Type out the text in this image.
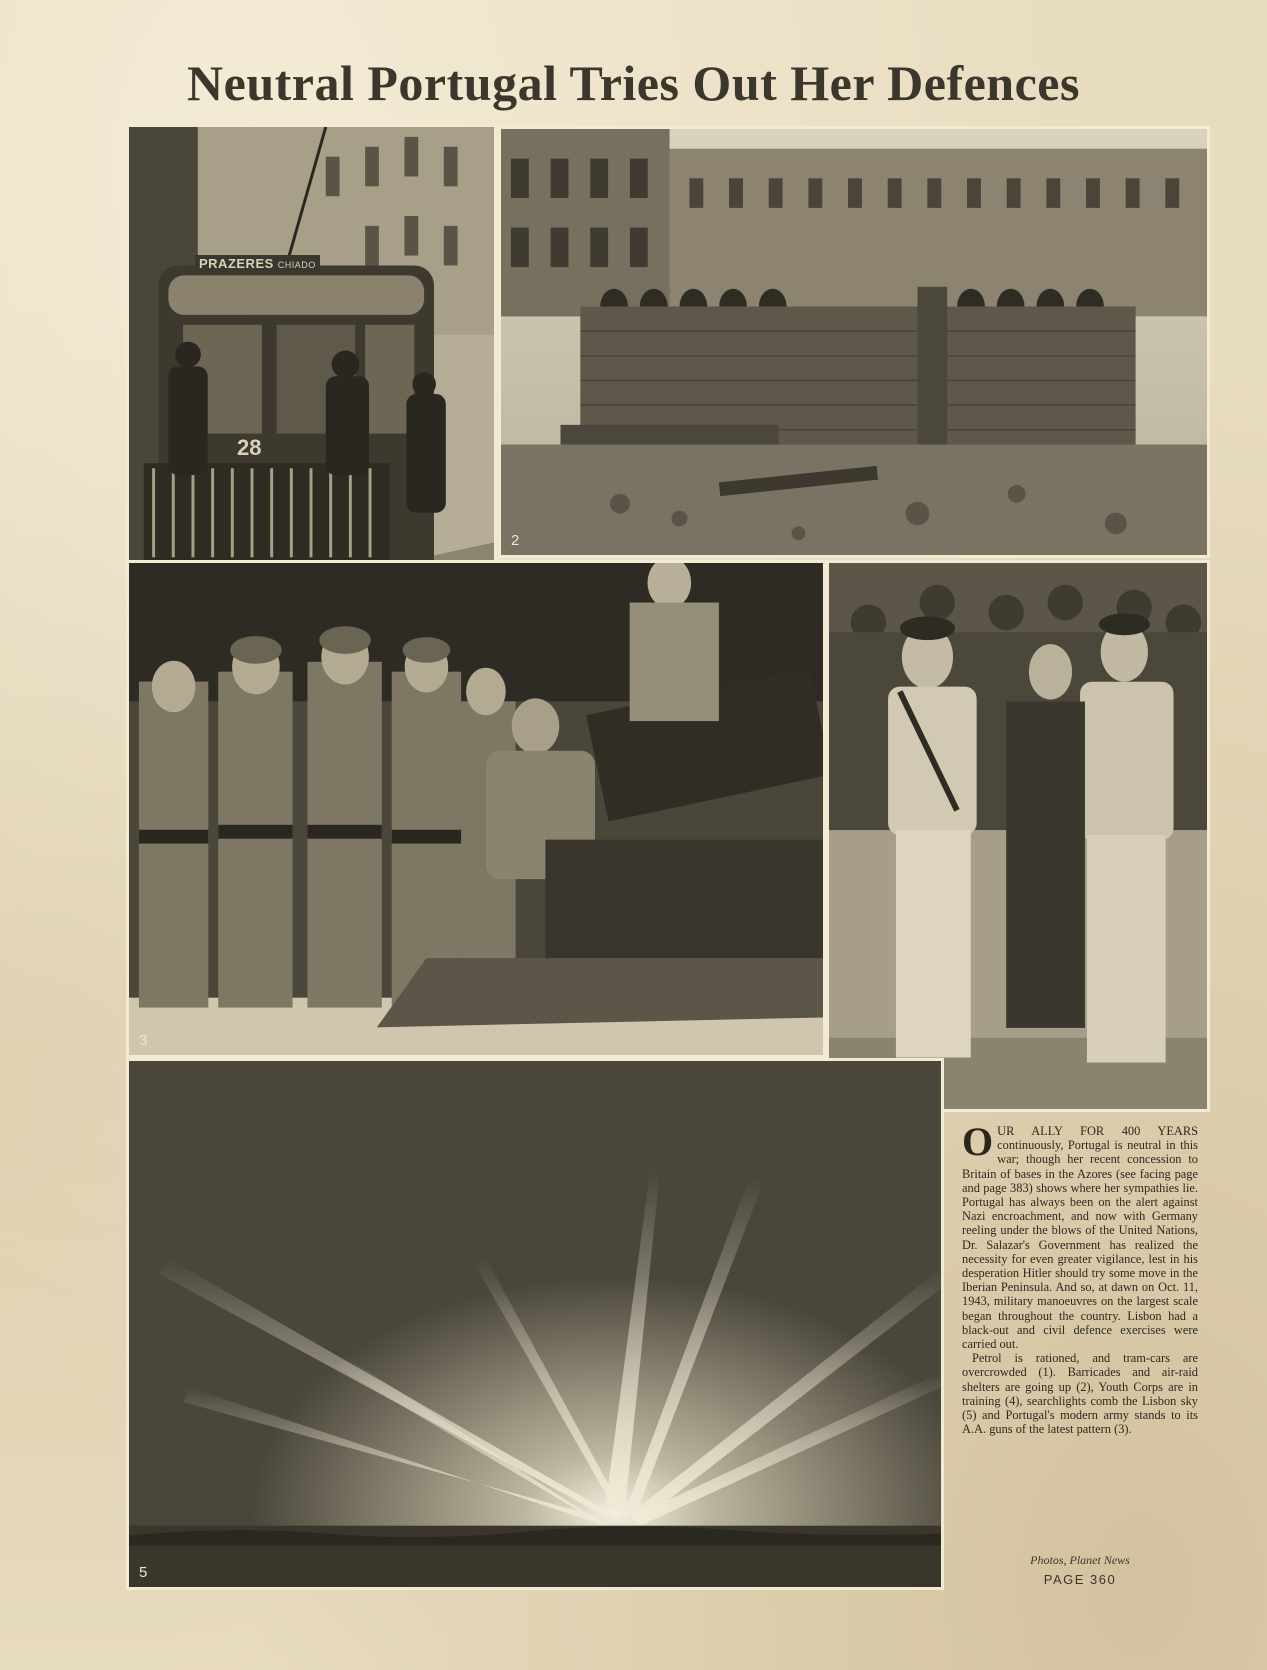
Neutral Portugal Tries Out Her Defences
2
PRAZERES CHIADO
28
3
5

OUR ALLY FOR 400 YEARS continuously, Portugal is neutral in this war; though her recent concession to Britain of bases in the Azores (see facing page and page 383) shows where her sympathies lie. Portugal has always been on the alert against Nazi encroachment, and now with Germany reeling under the blows of the United Nations, Dr. Salazar's Government has realized the necessity for even greater vigilance, lest in his desperation Hitler should try some move in the Iberian Peninsula. And so, at dawn on Oct. 11, 1943, military manoeuvres on the largest scale began throughout the country. Lisbon had a black-out and civil defence exercises were carried out.

Petrol is rationed, and tram-cars are overcrowded (1). Barricades and air-raid shelters are going up (2), Youth Corps are in training (4), searchlights comb the Lisbon sky (5) and Portugal's modern army stands to its A.A. guns of the latest pattern (3).

Photos, Planet News
PAGE 360
